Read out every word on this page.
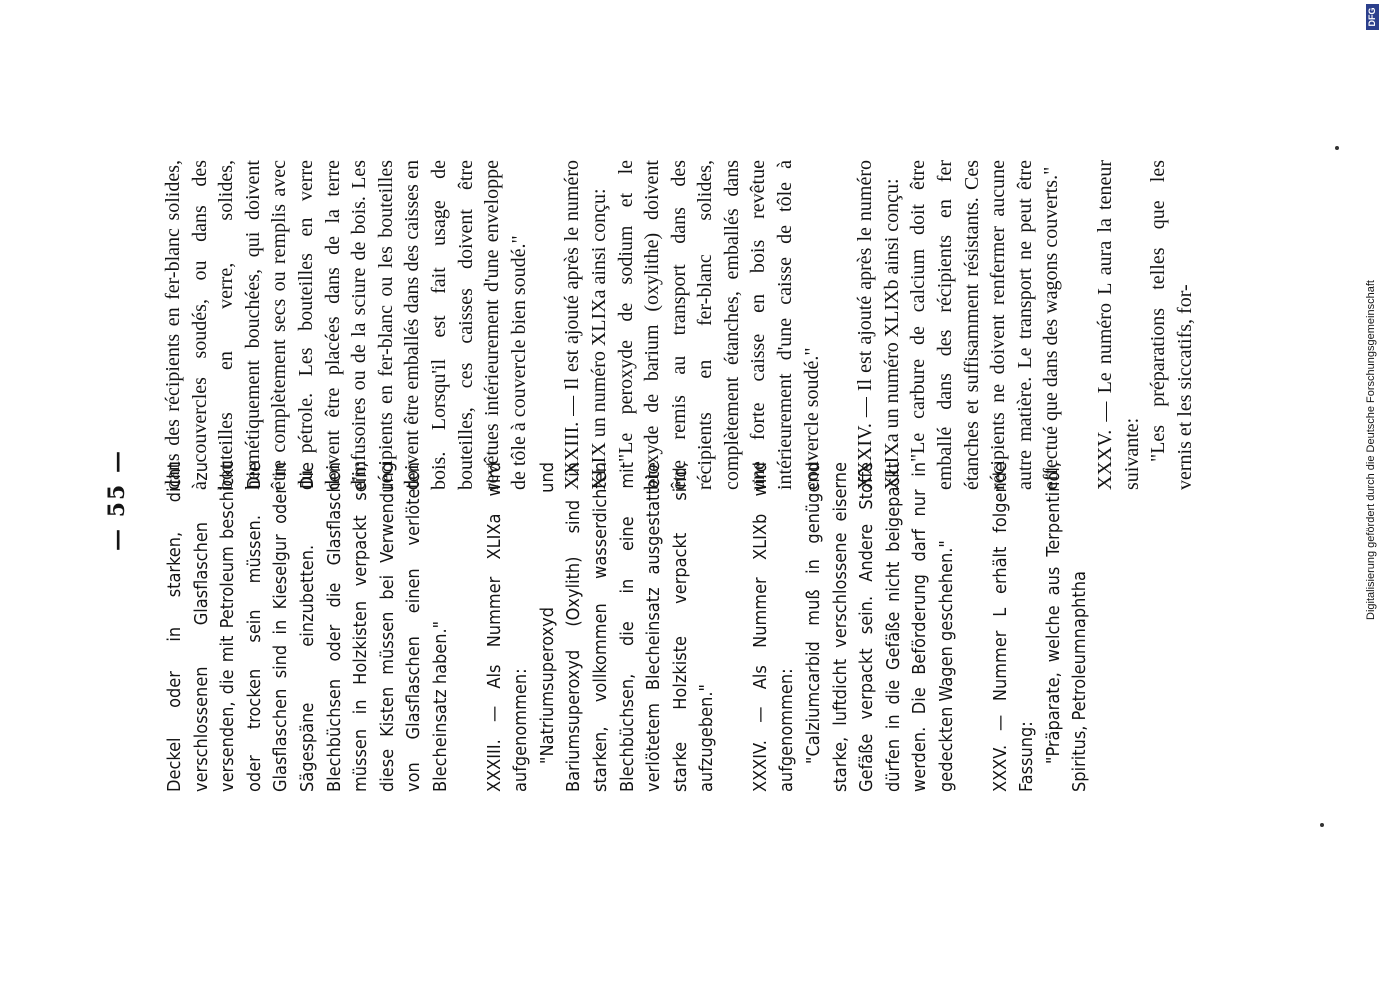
— 55 — Deckel oder in starken, dicht verschlossenen Glasflaschen zu versenden, die mit Petroleum beschickt oder trocken sein müssen. Die Glasflaschen sind in Kieselgur oder in Sägespäne einzubetten. Die Blechbüchsen oder die Glasflaschen müssen in Holzkisten verpackt sein; diese Kisten müssen bei Verwendung von Glasflaschen einen verlöteten Blecheinsatz haben." XXXIII. — Als Nummer XLIXa wird aufgenommen: "Natriumsuperoxyd und Bariumsuperoxyd (Oxylith) sind in starken, vollkommen wasserdichten Blechbüchsen, die in eine mit verlötetem Blecheinsatz ausgestattete starke Holzkiste verpackt sind, aufzugeben." XXXIV. — Als Nummer XLIXb wird aufgenommen: "Calziumcarbid muß in genügend starke, luftdicht verschlossene eiserne Gefäße verpackt sein. Andere Stoffe dürfen in die Gefäße nicht beigepackt werden. Die Beförderung darf nur in gedeckten Wagen geschehen." XXXV. — Nummer L erhält folgende Fassung: "Präparate, welche aus Terpentinöl, Spiritus, Petroleumnaphtha

dans des récipients en fer-blanc solides, à couvercles soudés, ou dans des bouteilles en verre, solides, hermétiquement bouchées, qui doivent être complètement secs ou remplis avec du pétrole. Les bouteilles en verre doivent être placées dans de la terre d'infusoires ou de la sciure de bois. Les récipients en fer-blanc ou les bouteilles doivent être emballés dans des caisses en bois. Lorsqu'il est fait usage de bouteilles, ces caisses doivent être revêtues intérieurement d'une enveloppe de tôle à couvercle bien soudé." XXXIII. — Il est ajouté après le numéro XLIX un numéro XLIXa ainsi conçu: "Le peroxyde de sodium et le bioxyde de barium (oxylithe) doivent être remis au transport dans des récipients en fer-blanc solides, complètement étanches, emballés dans une forte caisse en bois revêtue intérieurement d'une caisse de tôle à couvercle soudé." XXXIV. — Il est ajouté après le numéro XLIXa un numéro XLIXb ainsi conçu: "Le carbure de calcium doit être emballé dans des récipients en fer étanches et suffisamment résistants. Ces récipients ne doivent renfermer aucune autre matière. Le transport ne peut être effectué que dans des wagons couverts." XXXV. — Le numéro L aura la teneur suivante: "Les préparations telles que les vernis et les siccatifs, for-	Digitalisierung gefördert durch die Deutsche Forschungsgemeinschaft
DFG
